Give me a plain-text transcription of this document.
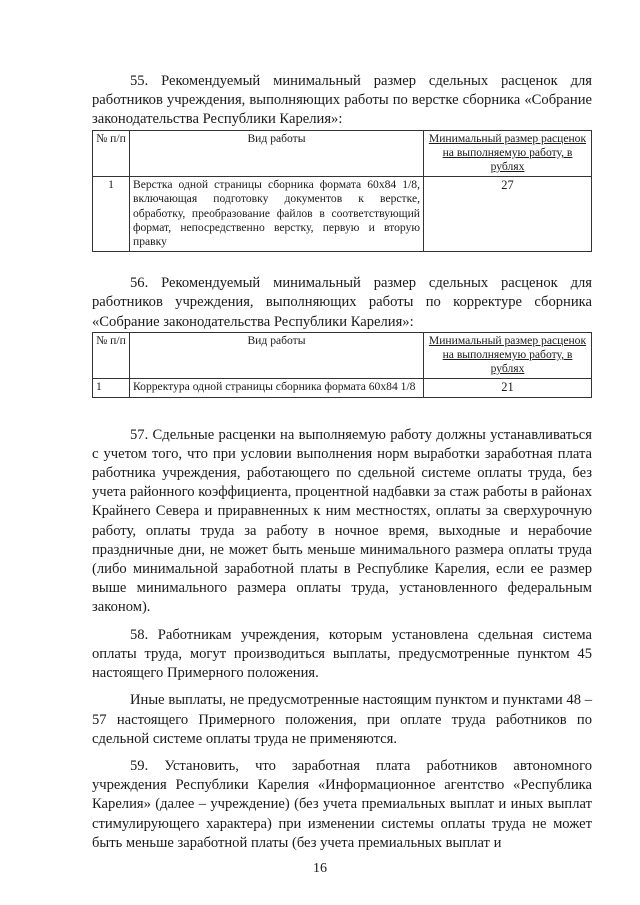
55. Рекомендуемый минимальный размер сдельных расценок для работников учреждения, выполняющих работы по верстке сборника «Собрание законодательства Республики Карелия»:

№ п/п	Вид работы	Минимальный размер расценок на выполняемую работу, в рублях
1	Верстка одной страницы сборника формата 60х84 1/8, включающая подготовку документов к верстке, обработку, преобразование файлов в соответствующий формат, непосредственно верстку, первую и вторую правку	27

56. Рекомендуемый минимальный размер сдельных расценок для работников учреждения, выполняющих работы по корректуре сборника «Собрание законодательства Республики Карелия»:

№ п/п	Вид работы	Минимальный размер расценок на выполняемую работу, в рублях
1	Корректура одной страницы сборника формата 60х84 1/8	21

57. Сдельные расценки на выполняемую работу должны устанавливаться с учетом того, что при условии выполнения норм выработки заработная плата работника учреждения, работающего по сдельной системе оплаты труда, без учета районного коэффициента, процентной надбавки за стаж работы в районах Крайнего Севера и приравненных к ним местностях, оплаты за сверхурочную работу, оплаты труда за работу в ночное время, выходные и нерабочие праздничные дни, не может быть меньше минимального размера оплаты труда (либо минимальной заработной платы в Республике Карелия, если ее размер выше минимального размера оплаты труда, установленного федеральным законом).

58. Работникам учреждения, которым установлена сдельная система оплаты труда, могут производиться выплаты, предусмотренные пунктом 45 настоящего Примерного положения.

Иные выплаты, не предусмотренные настоящим пунктом и пунктами 48 – 57 настоящего Примерного положения, при оплате труда работников по сдельной системе оплаты труда не применяются.

59. Установить, что заработная плата работников автономного учреждения Республики Карелия «Информационное агентство «Республика Карелия» (далее – учреждение) (без учета премиальных выплат и иных выплат стимулирующего характера) при изменении системы оплаты труда не может быть меньше заработной платы (без учета премиальных выплат и

16
